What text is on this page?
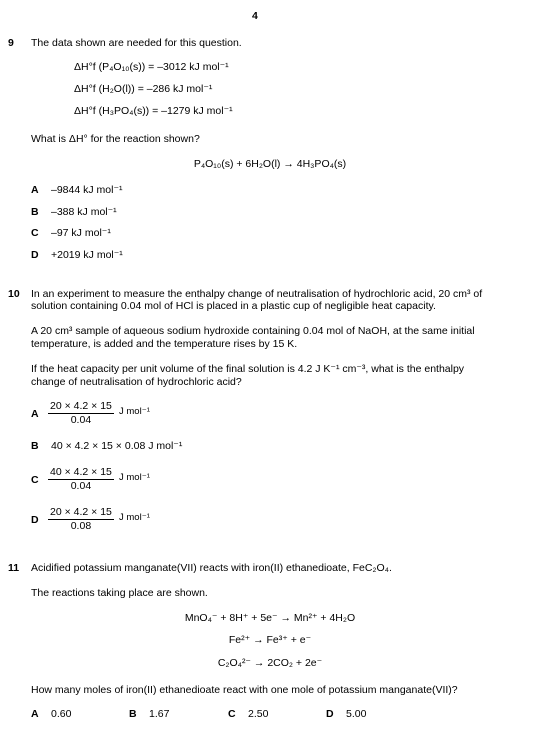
4
9 The data shown are needed for this question.
ΔH°f (P₄O₁₀(s)) = –3012 kJ mol⁻¹
ΔH°f (H₂O(l)) = –286 kJ mol⁻¹
ΔH°f (H₃PO₄(s)) = –1279 kJ mol⁻¹
What is ΔH° for the reaction shown?
P₄O₁₀(s) + 6H₂O(l) → 4H₃PO₄(s)
A –9844 kJ mol⁻¹
B –388 kJ mol⁻¹
C –97 kJ mol⁻¹
D +2019 kJ mol⁻¹
10 In an experiment to measure the enthalpy change of neutralisation of hydrochloric acid, 20 cm³ of
solution containing 0.04 mol of HCl is placed in a plastic cup of negligible heat capacity.
A 20 cm³ sample of aqueous sodium hydroxide containing 0.04 mol of NaOH, at the same initial
temperature, is added and the temperature rises by 15 K.
If the heat capacity per unit volume of the final solution is 4.2 J K⁻¹ cm⁻³, what is the enthalpy
change of neutralisation of hydrochloric acid?
A $\frac{20 \times 4.2 \times 15}{0.04}$ J mol⁻¹
B 40 × 4.2 × 15 × 0.08 J mol⁻¹
C $\frac{40 \times 4.2 \times 15}{0.04}$ J mol⁻¹
D $\frac{20 \times 4.2 \times 15}{0.08}$ J mol⁻¹
11 Acidified potassium manganate(VII) reacts with iron(II) ethanedioate, FeC₂O₄.
The reactions taking place are shown.
MnO₄⁻ + 8H⁺ + 5e⁻ → Mn²⁺ + 4H₂O
Fe²⁺ → Fe³⁺ + e⁻
C₂O₄²⁻ → 2CO₂ + 2e⁻
How many moles of iron(II) ethanedioate react with one mole of potassium manganate(VII)?
A 0.60	B 1.67	C 2.50	D 5.00
